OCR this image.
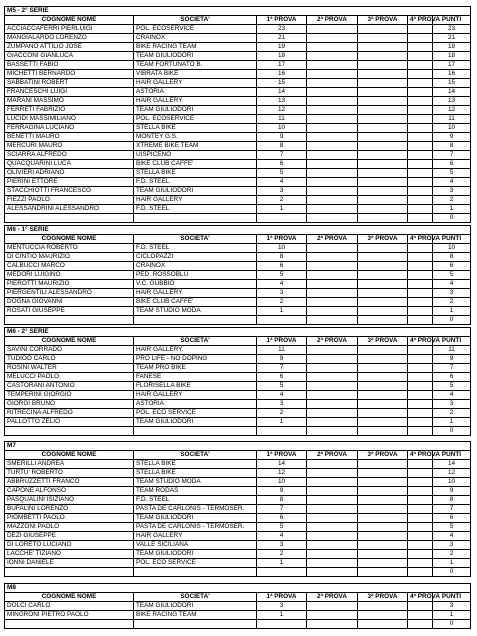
M5 - 2° SERIE						
COGNOME NOME	SOCIETA'	1ª PROVA	2ª PROVA	3ª PROVA	4ª PROVA	PUNTI
ACCIACCAFERRI PIERLUIGI	POL. ECOSERVICE	23				23
MANGIALARDO LORENZO	CRAINOX	21				21
ZUMPANO ATTILIO JOSE	BIKE RACING TEAM	19				19
GIACCONI GIANLUCA	TEAM GIULIODORI	18				18
BASSETTI FABIO	TEAM FORTUNATO B.	17				17
MICHETTI BERNARDO	VIBRATA BIKE	16				16
SABBATINI ROBERT	HAIR GALLERY	15				15
FRANCESCHI LUIGI	ASTORIA	14				14
MARANI MASSIMO	HAIR GALLERY	13				13
FERRETI FABRIZIO	TEAM GIULIODORI	12				12
LUCIDI MASSIMILIANO	POL. ECOSERVICE	11				11
FERRAGINA LUCIANO	STELLA BIKE	10				10
BENETTI MAURO	MONTEY G.S.	9				9
MERCURI MAURO	XTREME BIKE TEAM	8				8
SCIARRA ALFREDO	UISPICENO	7				7
QUACQUARINI LUCA	BIKE CLUB CAFFE'	6				6
OLIVIERI ADRIANO	STELLA BIKE	5				5
PIERINI ETTORE	F.D. STEEL	4				4
STACCHIOTTI FRANCESCO	TEAM GIULIODORI	3				3
FIEZZI PAOLO	HAIR GALLERY	2				2
ALESSANDRINI ALESSANDRO	F.D. STEEL	1				1
						0
M6 - 1° SERIE						
COGNOME NOME	SOCIETA'	1ª PROVA	2ª PROVA	3ª PROVA	4ª PROVA	PUNTI
MENTUCCIA ROBERTO	F.D. STEEL	10				10
DI CINTIO MAURIZIO	CICLOPAZZI	8				8
CALBUCCI MARCO	CRAINOX	6				6
MEDORI LUIGINO	PED. ROSSOBLU	5				5
PIEROTTI MAURIZIO	V.C. GUBBIO	4				4
PIERGENTILI ALESSANDRO	HAIR GALLERY	3				3
DOGNA GIOVANNI	BIKE CLUB CAFFE'	2				2
ROSATI GIUSEPPE	TEAM STUDIO MODA	1				1
						0
M6 - 2° SERIE						
COGNOME NOME	SOCIETA'	1ª PROVA	2ª PROVA	3ª PROVA	4ª PROVA	PUNTI
SAVINI CORRADO	HAIR GALLERY	11				11
TUDIOO CARLO	PRO LIFE - NO DOPING	9				9
ROSINI WALTER	TEAM PRO BIKE	7				7
MELUCCI PAOLO	FANESE	6				6
CASTORANI ANTONIO	FLORISELLA BIKE	5				5
TEMPERINI GIORGIO	HAIR GALLERY	4				4
GIORGI BRUNO	ASTORIA	3				3
RITRECINA ALFREDO	POL. ECO SERVICE	2				2
PALLOTTO ZELIO	TEAM GIULIODORI	1				1
						0
M7						
COGNOME NOME	SOCIETA'	1ª PROVA	2ª PROVA	3ª PROVA	4ª PROVA	PUNTI
SMERILLI ANDREA	STELLA BIKE	14				14
TURTU' ROBERTO	STELLA BIKE	12				12
ABBRUZZETTI FRANCO	TEAM STUDIO MODA	10				10
CAPONE ALFONSO	TEAM RODAS	9				9
PASQUALINI ISIZIANO	F.D. STEEL	8				8
BUFALINI LORENZO	PASTA DE CARLONIS - TERMOSER.	7				7
PIOMBETTI PAOLO	TEAM GIULIODORI	6				6
MAZZONI PAOLO	PASTA DE CARLONIS - TERMOSER.	5				5
DEZI GIUSEPPE	HAIR GALLERY	4				4
DI LORETO LUCIANO	VALLE SICILIANA	3				3
LACCHE' TIZIANO	TEAM GIULIODORI	2				2
IONNI DANIELE	POL. ECO SERVICE	1				1
						0
M8						
COGNOME NOME	SOCIETA'	1ª PROVA	2ª PROVA	3ª PROVA	4ª PROVA	PUNTI
DOLCI CARLO	TEAM GIULIODORI	3				3
MINGRONI PIETRO PAOLO	BIKE RACING TEAM	1				1
						0
